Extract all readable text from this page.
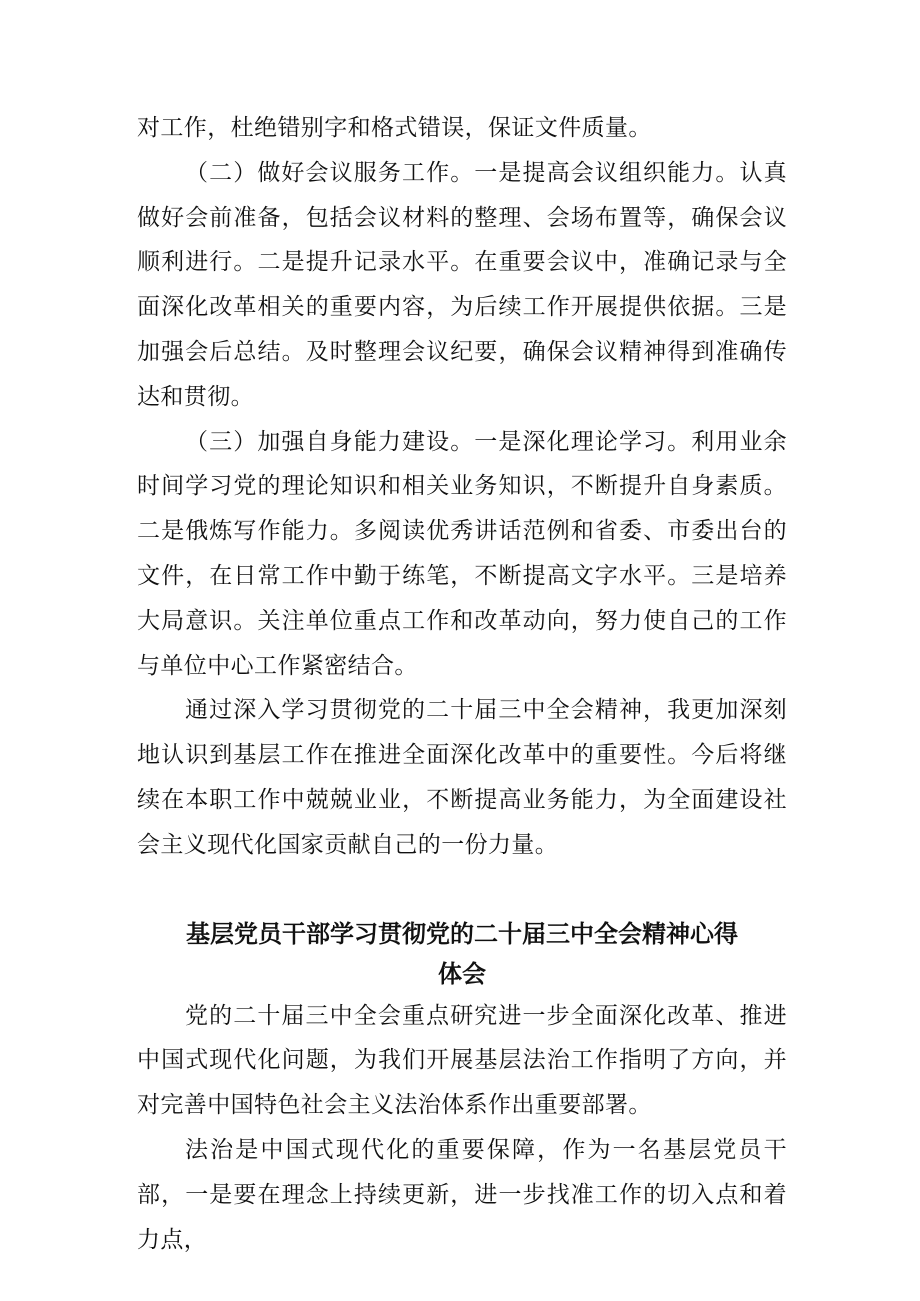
对工作，杜绝错别字和格式错误，保证文件质量。

（二）做好会议服务工作。一是提高会议组织能力。认真做好会前准备，包括会议材料的整理、会场布置等，确保会议顺利进行。二是提升记录水平。在重要会议中，准确记录与全面深化改革相关的重要内容，为后续工作开展提供依据。三是加强会后总结。及时整理会议纪要，确保会议精神得到准确传达和贯彻。

（三）加强自身能力建设。一是深化理论学习。利用业余时间学习党的理论知识和相关业务知识，不断提升自身素质。二是俄炼写作能力。多阅读优秀讲话范例和省委、市委出台的文件，在日常工作中勤于练笔，不断提高文字水平。三是培养大局意识。关注单位重点工作和改革动向，努力使自己的工作与单位中心工作紧密结合。

通过深入学习贯彻党的二十届三中全会精神，我更加深刻地认识到基层工作在推进全面深化改革中的重要性。今后将继续在本职工作中兢兢业业，不断提高业务能力，为全面建设社会主义现代化国家贡献自己的一份力量。

基层党员干部学习贯彻党的二十届三中全会精神心得
体会

党的二十届三中全会重点研究进一步全面深化改革、推进中国式现代化问题，为我们开展基层法治工作指明了方向，并对完善中国特色社会主义法治体系作出重要部署。

法治是中国式现代化的重要保障，作为一名基层党员干部，一是要在理念上持续更新，进一步找准工作的切入点和着力点，
